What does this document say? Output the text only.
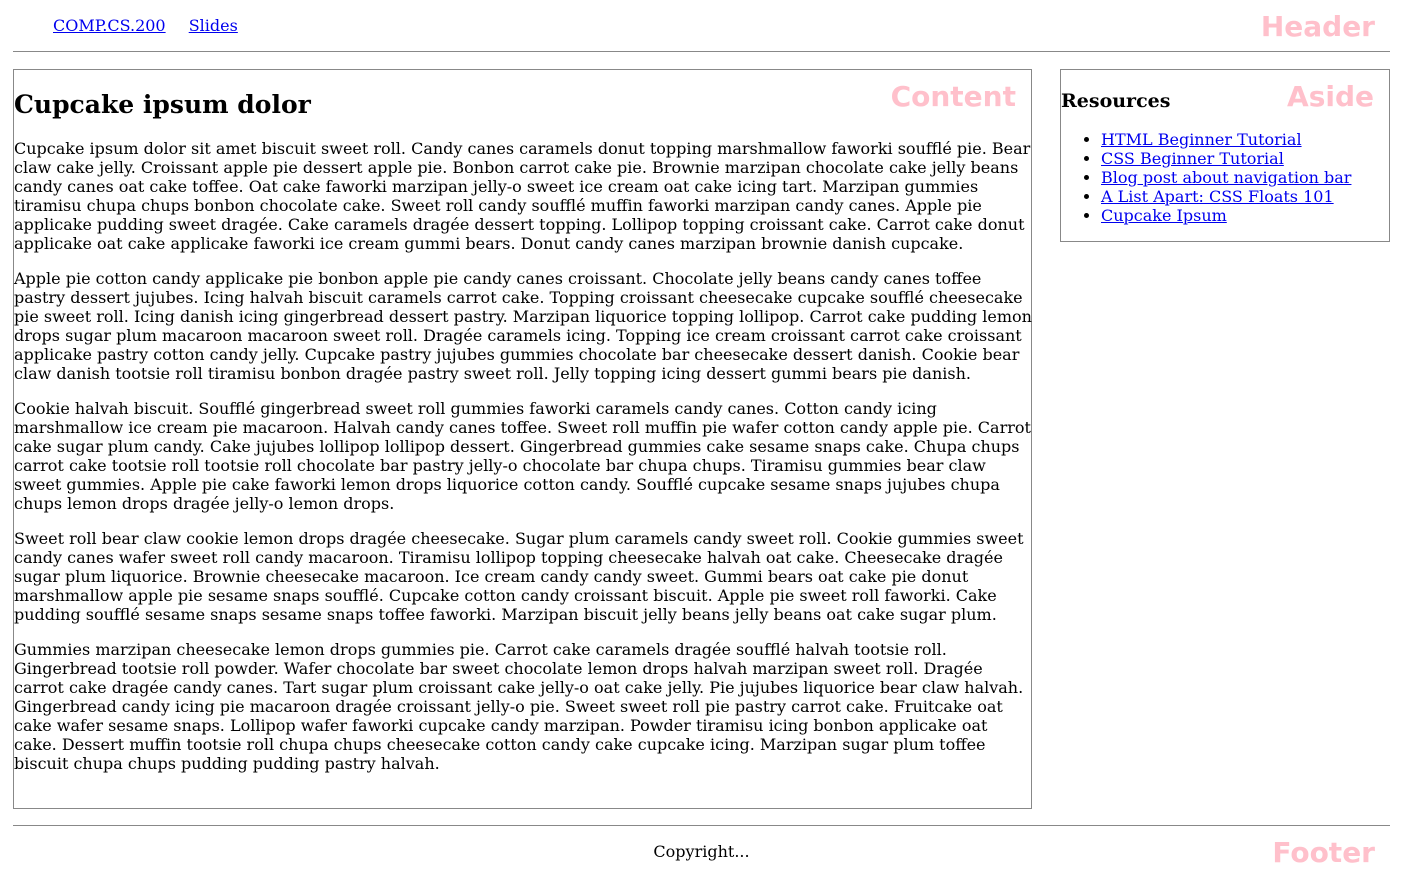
COMP.CS.200 Slides	Header
Content
Cupcake ipsum dolor

Cupcake ipsum dolor sit amet biscuit sweet roll. Candy canes caramels donut topping marshmallow faworki soufflé pie. Bear claw cake jelly. Croissant apple pie dessert apple pie. Bonbon carrot cake pie. Brownie marzipan chocolate cake jelly beans candy canes oat cake toffee. Oat cake faworki marzipan jelly-o sweet ice cream oat cake icing tart. Marzipan gummies tiramisu chupa chups bonbon chocolate cake. Sweet roll candy soufflé muffin faworki marzipan candy canes. Apple pie applicake pudding sweet dragée. Cake caramels dragée dessert topping. Lollipop topping croissant cake. Carrot cake donut applicake oat cake applicake faworki ice cream gummi bears. Donut candy canes marzipan brownie danish cupcake.

Apple pie cotton candy applicake pie bonbon apple pie candy canes croissant. Chocolate jelly beans candy canes toffee pastry dessert jujubes. Icing halvah biscuit caramels carrot cake. Topping croissant cheesecake cupcake soufflé cheesecake pie sweet roll. Icing danish icing gingerbread dessert pastry. Marzipan liquorice topping lollipop. Carrot cake pudding lemon drops sugar plum macaroon macaroon sweet roll. Dragée caramels icing. Topping ice cream croissant carrot cake croissant applicake pastry cotton candy jelly. Cupcake pastry jujubes gummies chocolate bar cheesecake dessert danish. Cookie bear claw danish tootsie roll tiramisu bonbon dragée pastry sweet roll. Jelly topping icing dessert gummi bears pie danish.

Cookie halvah biscuit. Soufflé gingerbread sweet roll gummies faworki caramels candy canes. Cotton candy icing marshmallow ice cream pie macaroon. Halvah candy canes toffee. Sweet roll muffin pie wafer cotton candy apple pie. Carrot cake sugar plum candy. Cake jujubes lollipop lollipop dessert. Gingerbread gummies cake sesame snaps cake. Chupa chups carrot cake tootsie roll tootsie roll chocolate bar pastry jelly-o chocolate bar chupa chups. Tiramisu gummies bear claw sweet gummies. Apple pie cake faworki lemon drops liquorice cotton candy. Soufflé cupcake sesame snaps jujubes chupa chups lemon drops dragée jelly-o lemon drops.

Sweet roll bear claw cookie lemon drops dragée cheesecake. Sugar plum caramels candy sweet roll. Cookie gummies sweet candy canes wafer sweet roll candy macaroon. Tiramisu lollipop topping cheesecake halvah oat cake. Cheesecake dragée sugar plum liquorice. Brownie cheesecake macaroon. Ice cream candy candy sweet. Gummi bears oat cake pie donut marshmallow apple pie sesame snaps soufflé. Cupcake cotton candy croissant biscuit. Apple pie sweet roll faworki. Cake pudding soufflé sesame snaps sesame snaps toffee faworki. Marzipan biscuit jelly beans jelly beans oat cake sugar plum.

Gummies marzipan cheesecake lemon drops gummies pie. Carrot cake caramels dragée soufflé halvah tootsie roll. Gingerbread tootsie roll powder. Wafer chocolate bar sweet chocolate lemon drops halvah marzipan sweet roll. Dragée carrot cake dragée candy canes. Tart sugar plum croissant cake jelly-o oat cake jelly. Pie jujubes liquorice bear claw halvah. Gingerbread candy icing pie macaroon dragée croissant jelly-o pie. Sweet sweet roll pie pastry carrot cake. Fruitcake oat cake wafer sesame snaps. Lollipop wafer faworki cupcake candy marzipan. Powder tiramisu icing bonbon applicake oat cake. Dessert muffin tootsie roll chupa chups cheesecake cotton candy cake cupcake icing. Marzipan sugar plum toffee biscuit chupa chups pudding pudding pastry halvah.

Aside
Resources
• HTML Beginner Tutorial
• CSS Beginner Tutorial
• Blog post about navigation bar
• A List Apart: CSS Floats 101
• Cupcake Ipsum
Copyright...	Footer
